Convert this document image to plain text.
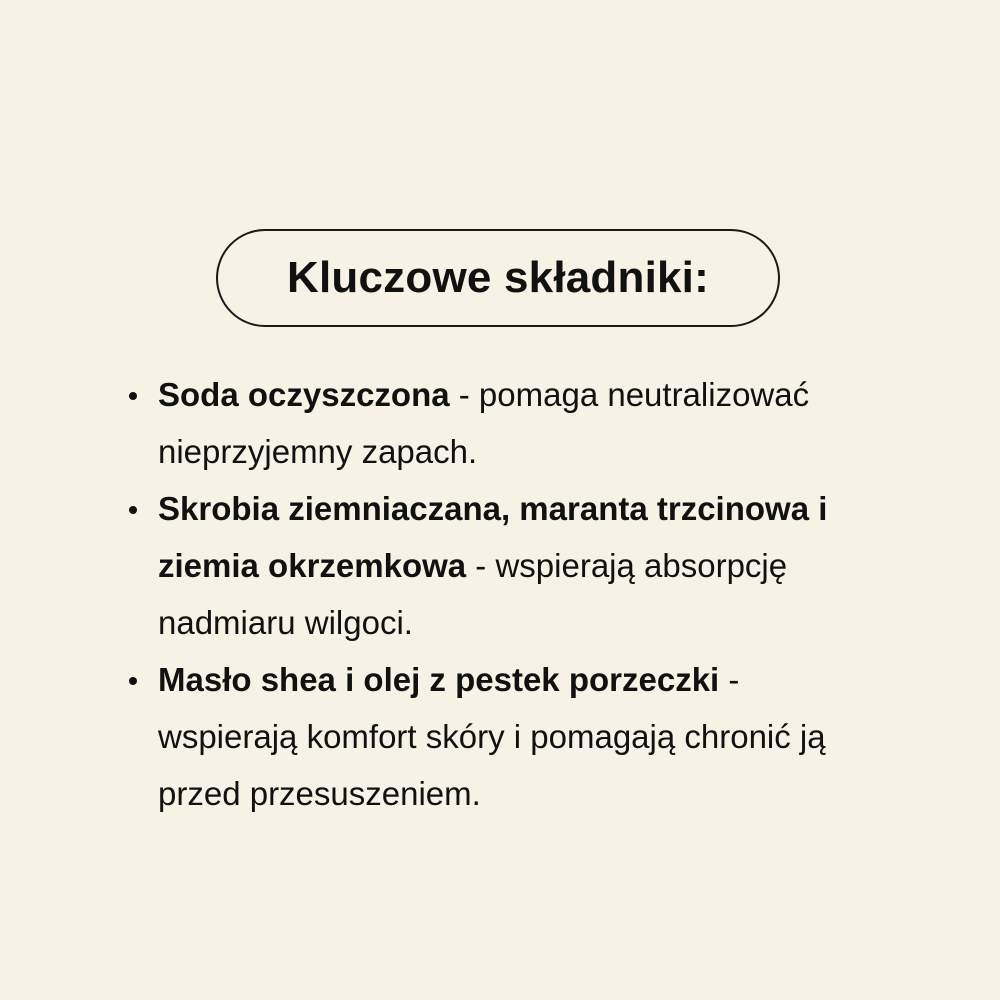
Kluczowe składniki:
Soda oczyszczona - pomaga neutralizować nieprzyjemny zapach.
Skrobia ziemniaczana, maranta trzcinowa i ziemia okrzemkowa - wspierają absorpcję nadmiaru wilgoci.
Masło shea i olej z pestek porzeczki - wspierają komfort skóry i pomagają chronić ją przed przesuszeniem.
